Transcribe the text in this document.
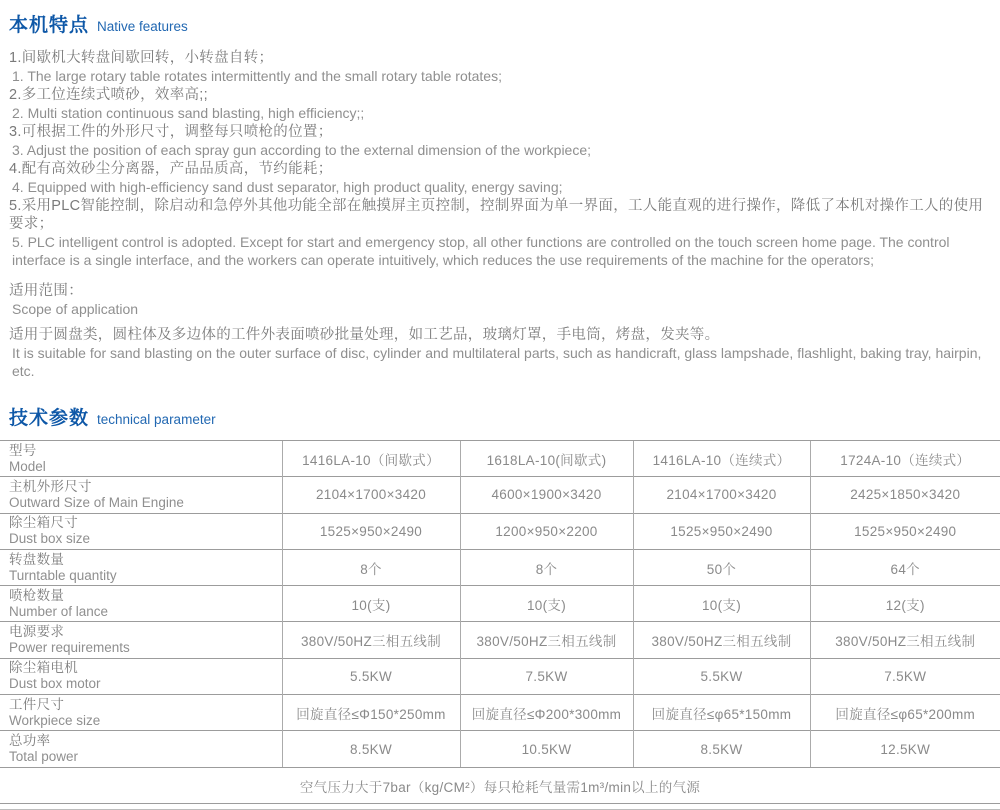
本机特点 Native features
1.间歇机大转盘间歇回转，小转盘自转；
1. The large rotary table rotates intermittently and the small rotary table rotates;
2.多工位连续式喷砂，效率高;;
2. Multi station continuous sand blasting, high efficiency;;
3.可根据工件的外形尺寸，调整每只喷枪的位置；
3. Adjust the position of each spray gun according to the external dimension of the workpiece;
4.配有高效砂尘分离器，产品品质高，节约能耗；
4. Equipped with high-efficiency sand dust separator, high product quality, energy saving;
5.采用PLC智能控制，除启动和急停外其他功能全部在触摸屏主页控制，控制界面为单一界面，工人能直观的进行操作，降低了本机对操作工人的使用要求；
5. PLC intelligent control is adopted. Except for start and emergency stop, all other functions are controlled on the touch screen home page. The control interface is a single interface, and the workers can operate intuitively, which reduces the use requirements of the machine for the operators;
适用范围：
Scope of application
适用于圆盘类，圆柱体及多边体的工件外表面喷砂批量处理，如工艺品，玻璃灯罩，手电筒，烤盘，发夹等。
It is suitable for sand blasting on the outer surface of disc, cylinder and multilateral parts, such as handicraft, glass lampshade, flashlight, baking tray, hairpin, etc.
技术参数 technical parameter
型号
Model	1416LA-10（间歇式）	1618LA-10(间歇式)	1416LA-10（连续式）	1724A-10（连续式）

主机外形尺寸
Outward Size of Main Engine	2104×1700×3420	4600×1900×3420	2104×1700×3420	2425×1850×3420

除尘箱尺寸
Dust box size	1525×950×2490	1200×950×2200	1525×950×2490	1525×950×2490

转盘数量
Turntable quantity	8个	8个	50个	64个

喷枪数量
Number of lance	10(支)	10(支)	10(支)	12(支)

电源要求
Power requirements	380V/50HZ三相五线制	380V/50HZ三相五线制	380V/50HZ三相五线制	380V/50HZ三相五线制

除尘箱电机
Dust box motor	5.5KW	7.5KW	5.5KW	7.5KW

工件尺寸
Workpiece size	回旋直径≤Φ150*250mm	回旋直径≤Φ200*300mm	回旋直径≤φ65*150mm	回旋直径≤φ65*200mm

总功率
Total power	8.5KW	10.5KW	8.5KW	12.5KW
空气压力大于7bar（kg/CM²）每只枪耗气量需1m³/min以上的气源
